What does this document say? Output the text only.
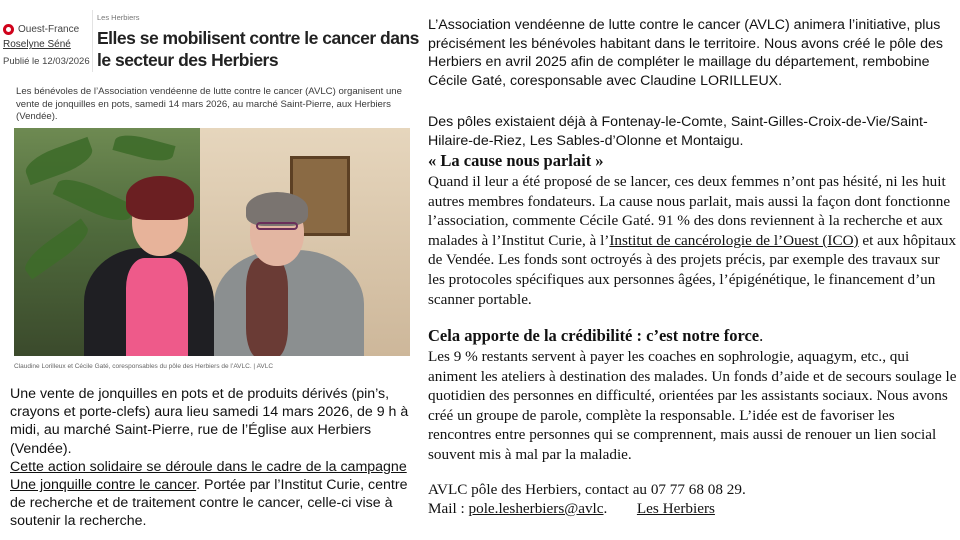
Ouest-France
Roselyne Séné
Publié le 12/03/2026
Les Herbiers
Elles se mobilisent contre le cancer dans le secteur des Herbiers
Les bénévoles de l’Association vendéenne de lutte contre le cancer (AVLC) organisent une vente de jonquilles en pots, samedi 14 mars 2026, au marché Saint-Pierre, aux Herbiers (Vendée).
Claudine Lorilleux et Cécile Gaté, coresponsables du pôle des Herbiers de l’AVLC. | AVLC

Une vente de jonquilles en pots et de produits dérivés (pin’s, crayons et porte-clefs) aura lieu samedi 14 mars 2026, de 9 h à midi, au marché Saint-Pierre, rue de l’Église aux Herbiers (Vendée).

Cette action solidaire se déroule dans le cadre de la campagne Une jonquille contre le cancer. Portée par l’Institut Curie, centre de recherche et de traitement contre le cancer, celle-ci vise à soutenir la recherche.

L’Association vendéenne de lutte contre le cancer (AVLC) animera l’initiative, plus précisément les bénévoles habitant dans le territoire. Nous avons créé le pôle des Herbiers en avril 2025 afin de compléter le maillage du département, rembobine Cécile Gaté, coresponsable avec Claudine LORILLEUX.
Des pôles existaient déjà à Fontenay-le-Comte, Saint-Gilles-Croix-de-Vie/Saint-Hilaire-de-Riez, Les Sables-d’Olonne et Montaigu.
« La cause nous parlait »
Quand il leur a été proposé de se lancer, ces deux femmes n’ont pas hésité, ni les huit autres membres fondateurs. La cause nous parlait, mais aussi la façon dont fonctionne l’association, commente Cécile Gaté. 91 % des dons reviennent à la recherche et aux malades à l’Institut Curie, à l’Institut de cancérologie de l’Ouest (ICO) et aux hôpitaux de Vendée. Les fonds sont octroyés à des projets précis, par exemple des travaux sur les protocoles spécifiques aux personnes âgées, l’épigénétique, le financement d’un scanner portable.
Cela apporte de la crédibilité : c’est notre force.
Les 9 % restants servent à payer les coaches en sophrologie, aquagym, etc., qui animent les ateliers à destination des malades. Un fonds d’aide et de secours soulage le quotidien des personnes en difficulté, orientées par les assistants sociaux. Nous avons créé un groupe de parole, complète la responsable. L’idée est de favoriser les rencontres entre personnes qui se comprennent, mais aussi de renouer un lien social souvent mis à mal par la maladie.
AVLC pôle des Herbiers, contact au 07 77 68 08 29.
Mail : pole.lesherbiers@avlc. Les Herbiers
